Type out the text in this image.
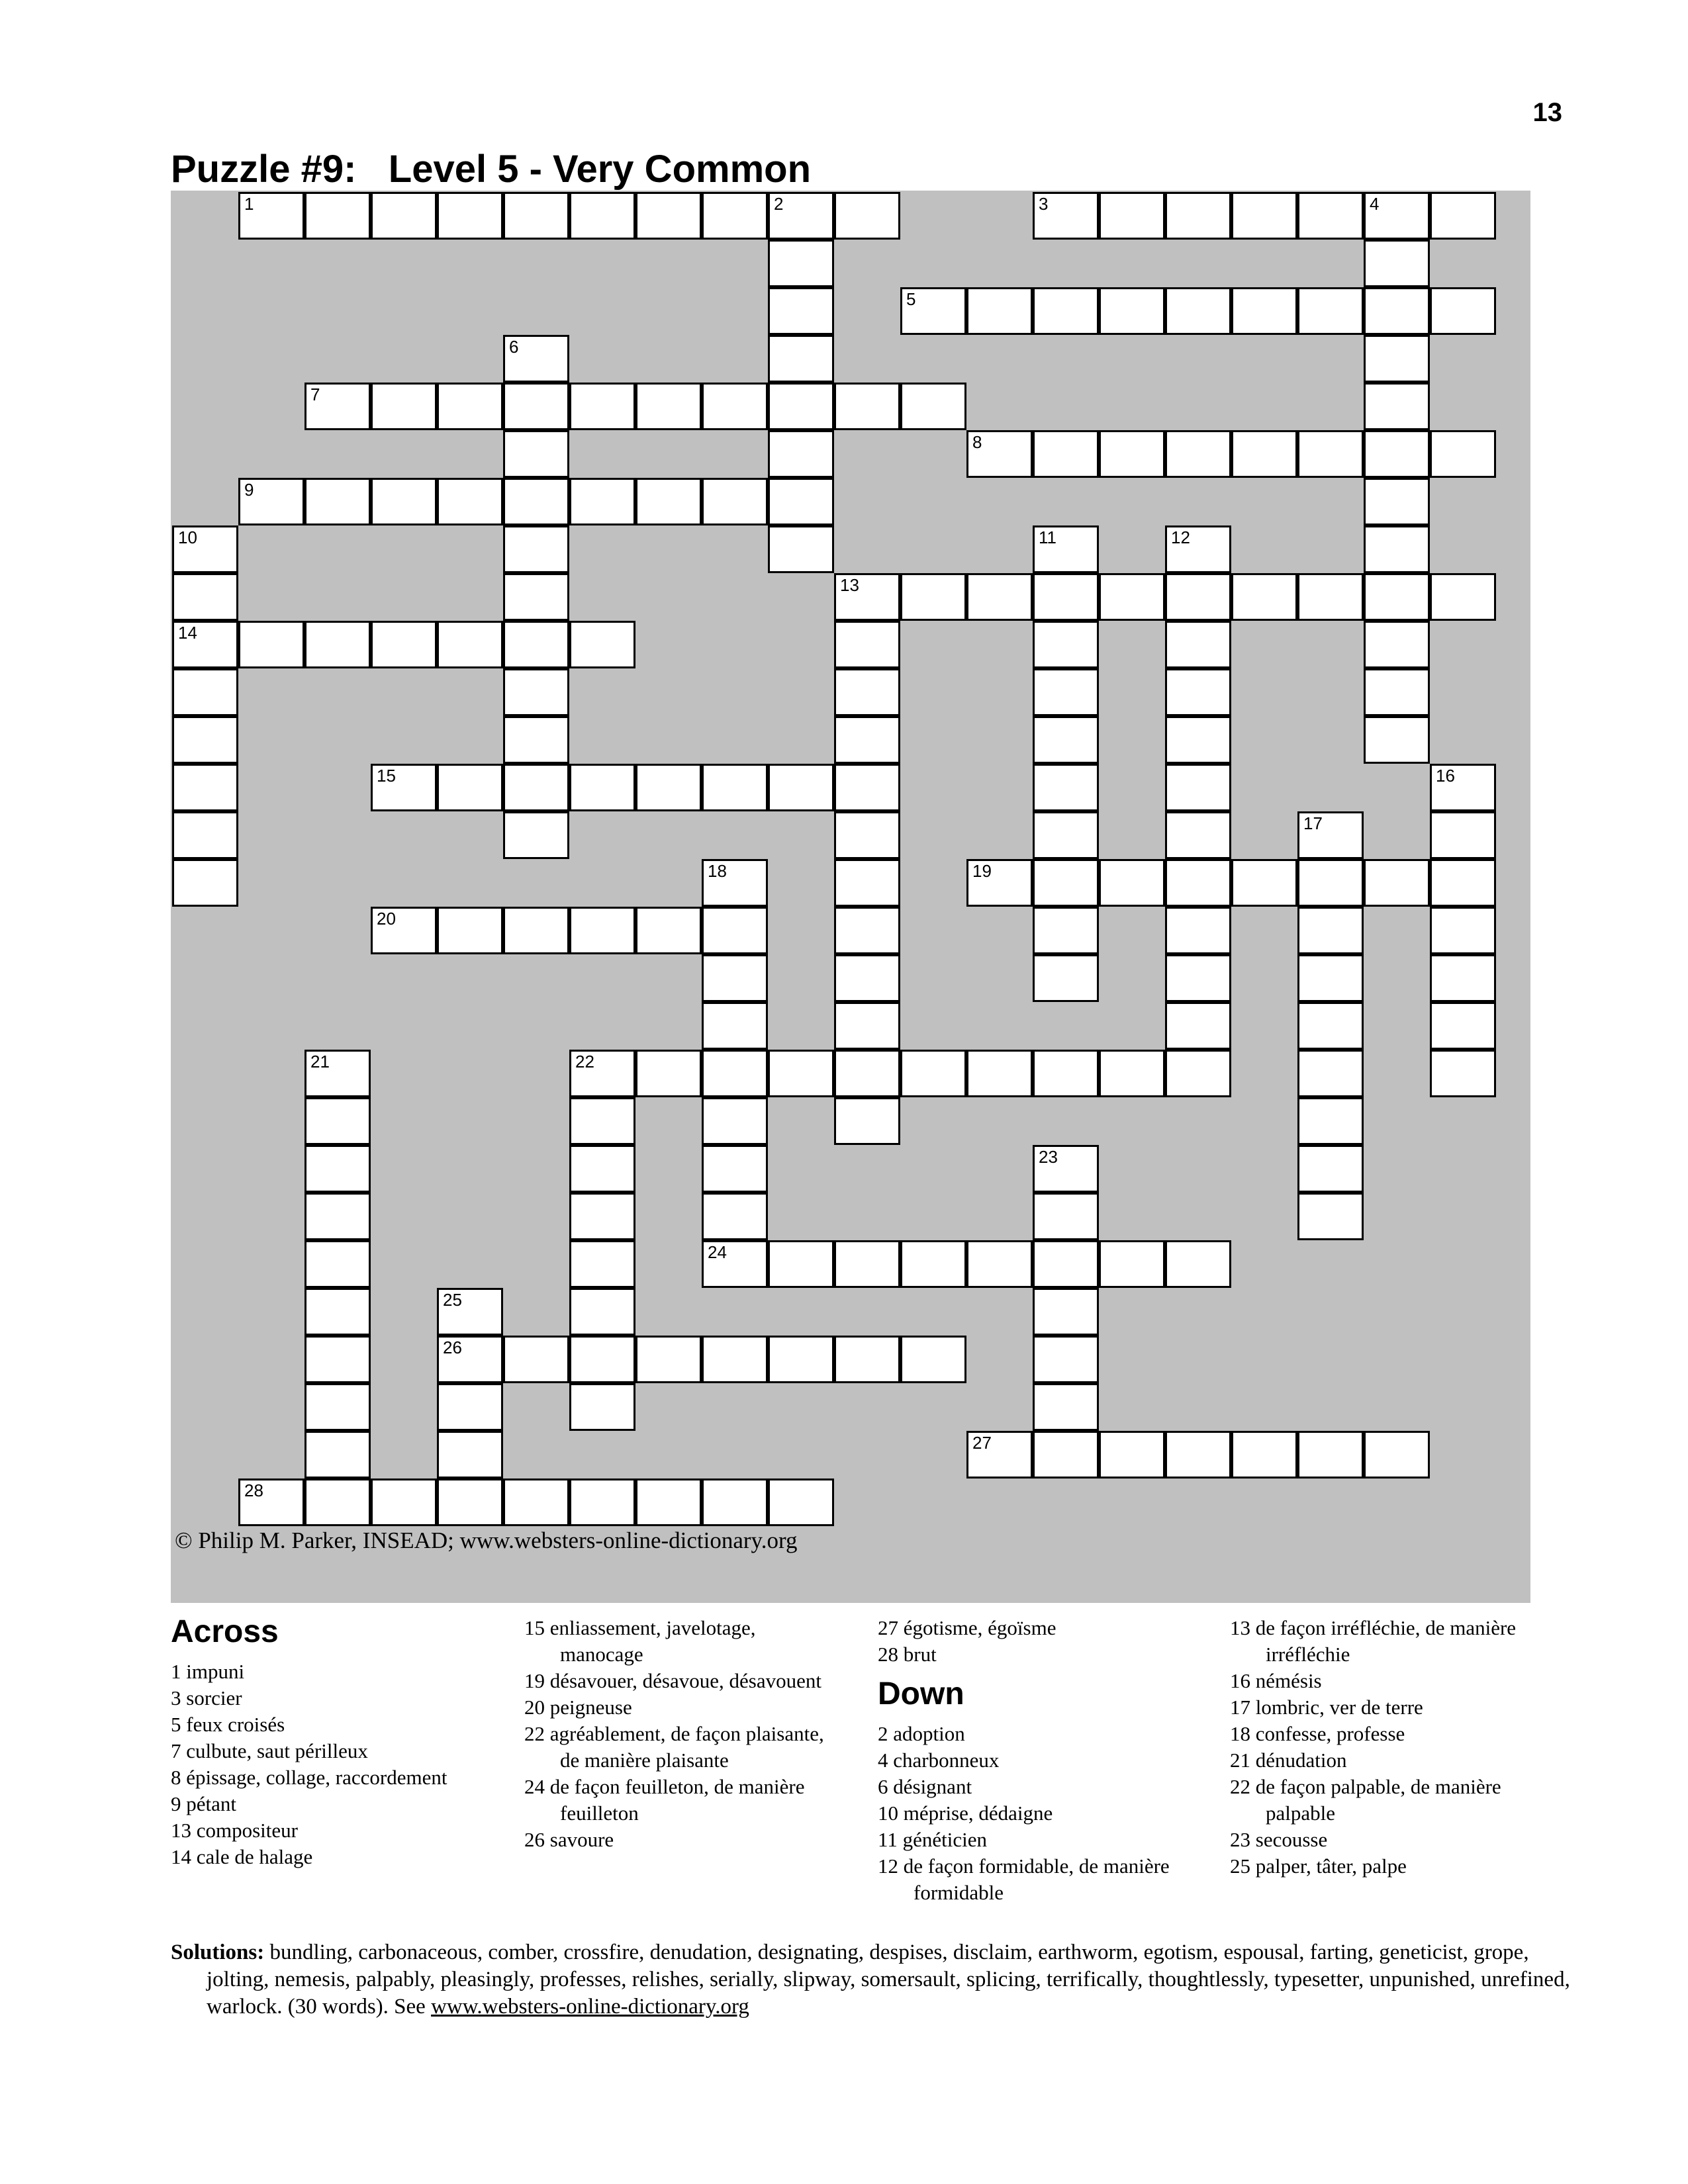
13
Puzzle #9:   Level 5 - Very Common
© Philip M. Parker, INSEAD; www.websters-online-dictionary.org
1	2	3	4
5
7
8
9
13
14
15
19
20
22
24
26
27
28
6
10	11	12
16
17
18
21
23
25
Across
1 impuni
3 sorcier
5 feux croisés
7 culbute, saut périlleux
8 épissage, collage, raccordement
9 pétant
13 compositeur
14 cale de halage
15 enliassement, javelotage, manocage
19 désavouer, désavoue, désavouent
20 peigneuse
22 agréablement, de façon plaisante, de manière plaisante
24 de façon feuilleton, de manière feuilleton
26 savoure
27 égotisme, égoïsme
28 brut
Down
2 adoption
4 charbonneux
6 désignant
10 méprise, dédaigne
11 généticien
12 de façon formidable, de manière formidable
13 de façon irréfléchie, de manière irréfléchie
16 némésis
17 lombric, ver de terre
18 confesse, professe
21 dénudation
22 de façon palpable, de manière palpable
23 secousse
25 palper, tâter, palpe
Solutions: bundling, carbonaceous, comber, crossfire, denudation, designating, despises, disclaim, earthworm, egotism, espousal, farting, geneticist, grope, jolting, nemesis, palpably, pleasingly, professes, relishes, serially, slipway, somersault, splicing, terrifically, thoughtlessly, typesetter, unpunished, unrefined, warlock. (30 words). See www.websters-online-dictionary.org
